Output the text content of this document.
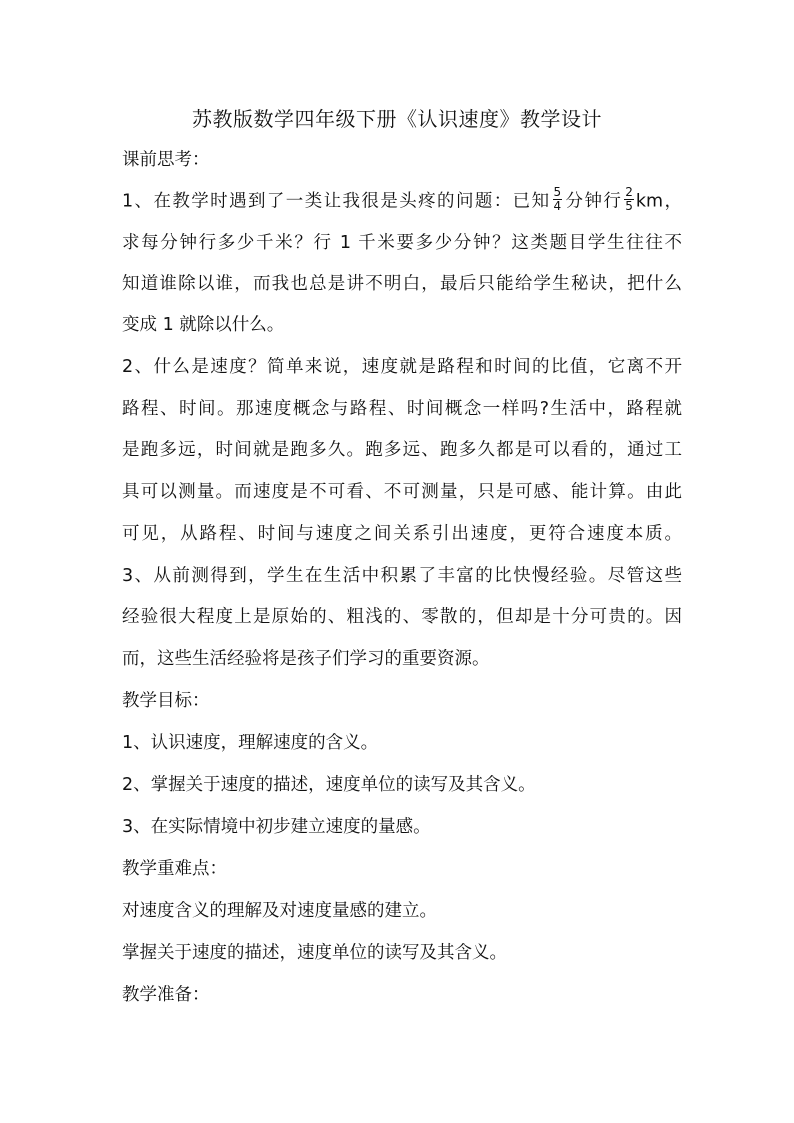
苏教版数学四年级下册《认识速度》教学设计
课前思考：
1、在教学时遇到了一类让我很是头疼的问题：已知 $\frac{5}{4}$ 分钟行 $\frac{2}{5}$ km，
求每分钟行多少千米？行 1 千米要多少分钟？这类题目学生往往不
知道谁除以谁，而我也总是讲不明白，最后只能给学生秘诀，把什么
变成 1 就除以什么。
2、什么是速度？简单来说，速度就是路程和时间的比值，它离不开
路程、时间。那速度概念与路程、时间概念一样吗?生活中，路程就
是跑多远，时间就是跑多久。跑多远、跑多久都是可以看的，通过工
具可以测量。而速度是不可看、不可测量，只是可感、能计算。由此
可见，从路程、时间与速度之间关系引出速度，更符合速度本质。
3、从前测得到，学生在生活中积累了丰富的比快慢经验。尽管这些
经验很大程度上是原始的、粗浅的、零散的，但却是十分可贵的。因
而，这些生活经验将是孩子们学习的重要资源。
教学目标：
1、认识速度，理解速度的含义。
2、掌握关于速度的描述，速度单位的读写及其含义。
3、在实际情境中初步建立速度的量感。
教学重难点：
对速度含义的理解及对速度量感的建立。
掌握关于速度的描述，速度单位的读写及其含义。
教学准备：
